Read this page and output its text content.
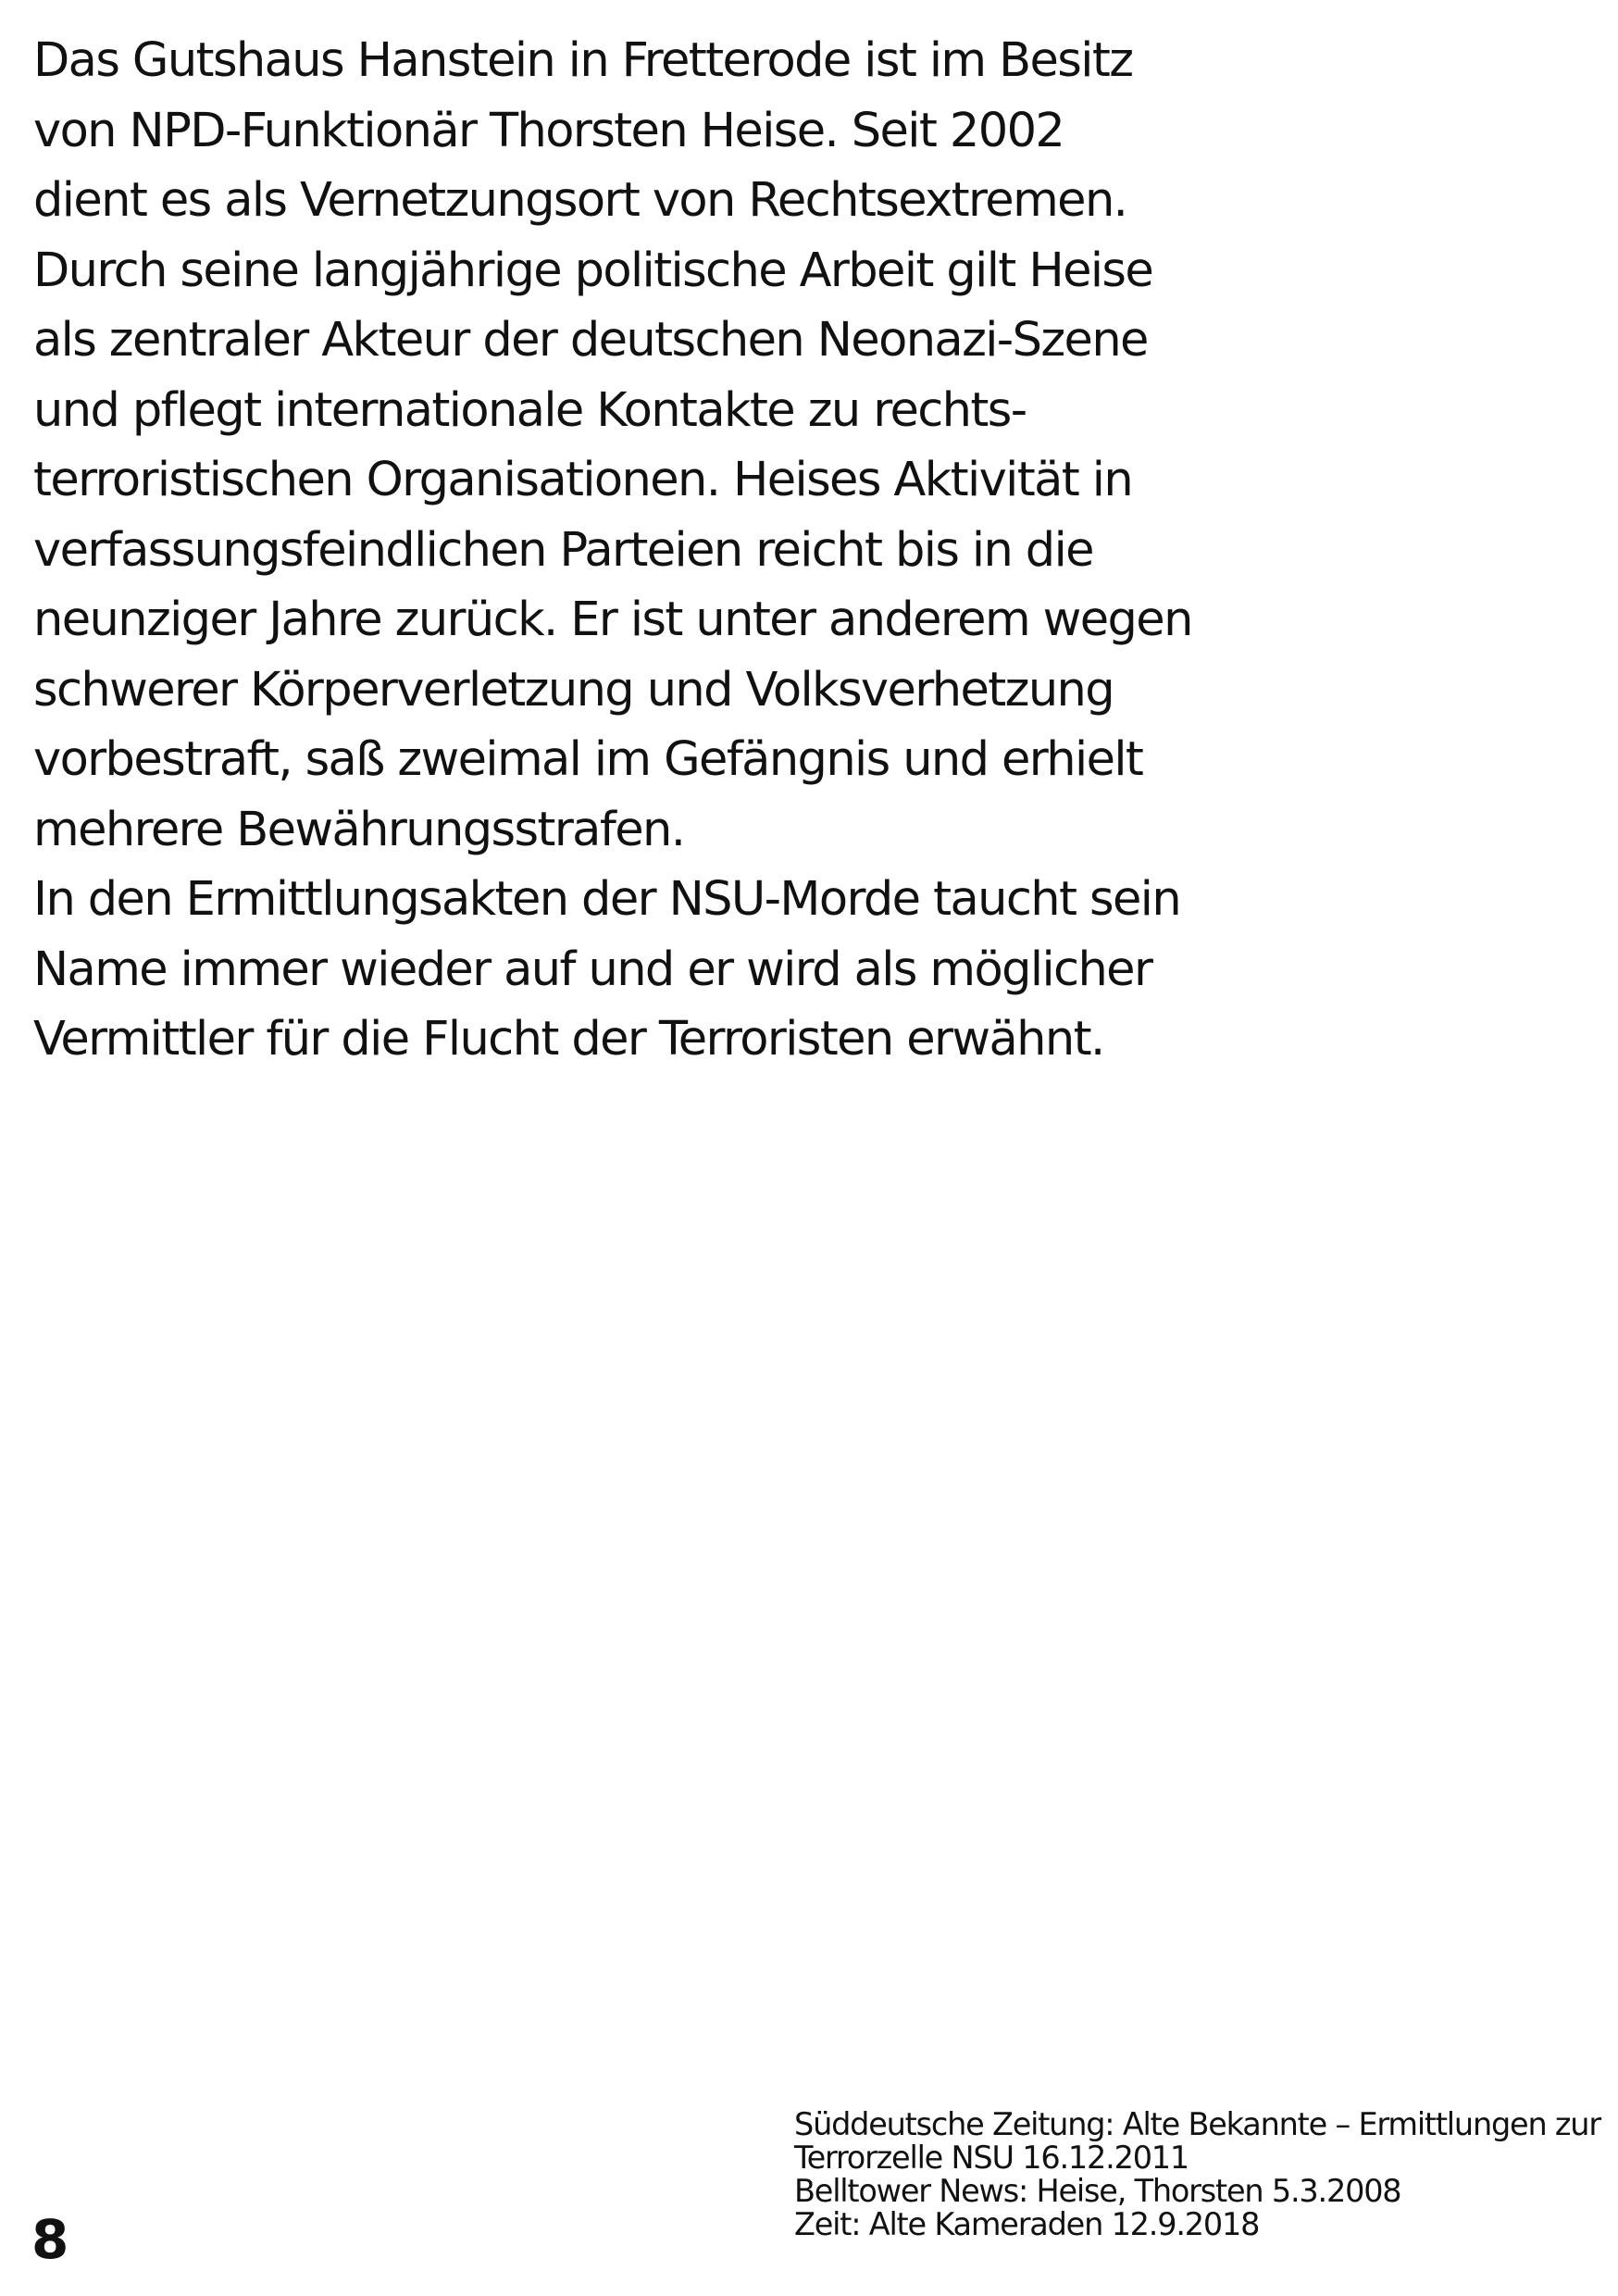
Das Gutshaus Hanstein in Fretterode ist im Besitz
von NPD-Funktionär Thorsten Heise. Seit 2002
dient es als Vernetzungsort von Rechtsextremen.
Durch seine langjährige politische Arbeit gilt Heise
als zentraler Akteur der deutschen Neonazi-Szene
und pflegt internationale Kontakte zu rechts-
terroristischen Organisationen. Heises Aktivität in
verfassungsfeindlichen Parteien reicht bis in die
neunziger Jahre zurück. Er ist unter anderem wegen
schwerer Körperverletzung und Volksverhetzung
vorbestraft, saß zweimal im Gefängnis und erhielt
mehrere Bewährungsstrafen.
In den Ermittlungsakten der NSU-Morde taucht sein
Name immer wieder auf und er wird als möglicher
Vermittler für die Flucht der Terroristen erwähnt.
Süddeutsche Zeitung: Alte Bekannte – Ermittlungen zur
Terrorzelle NSU 16.12.2011
Belltower News: Heise, Thorsten 5.3.2008
Zeit: Alte Kameraden 12.9.2018
8
